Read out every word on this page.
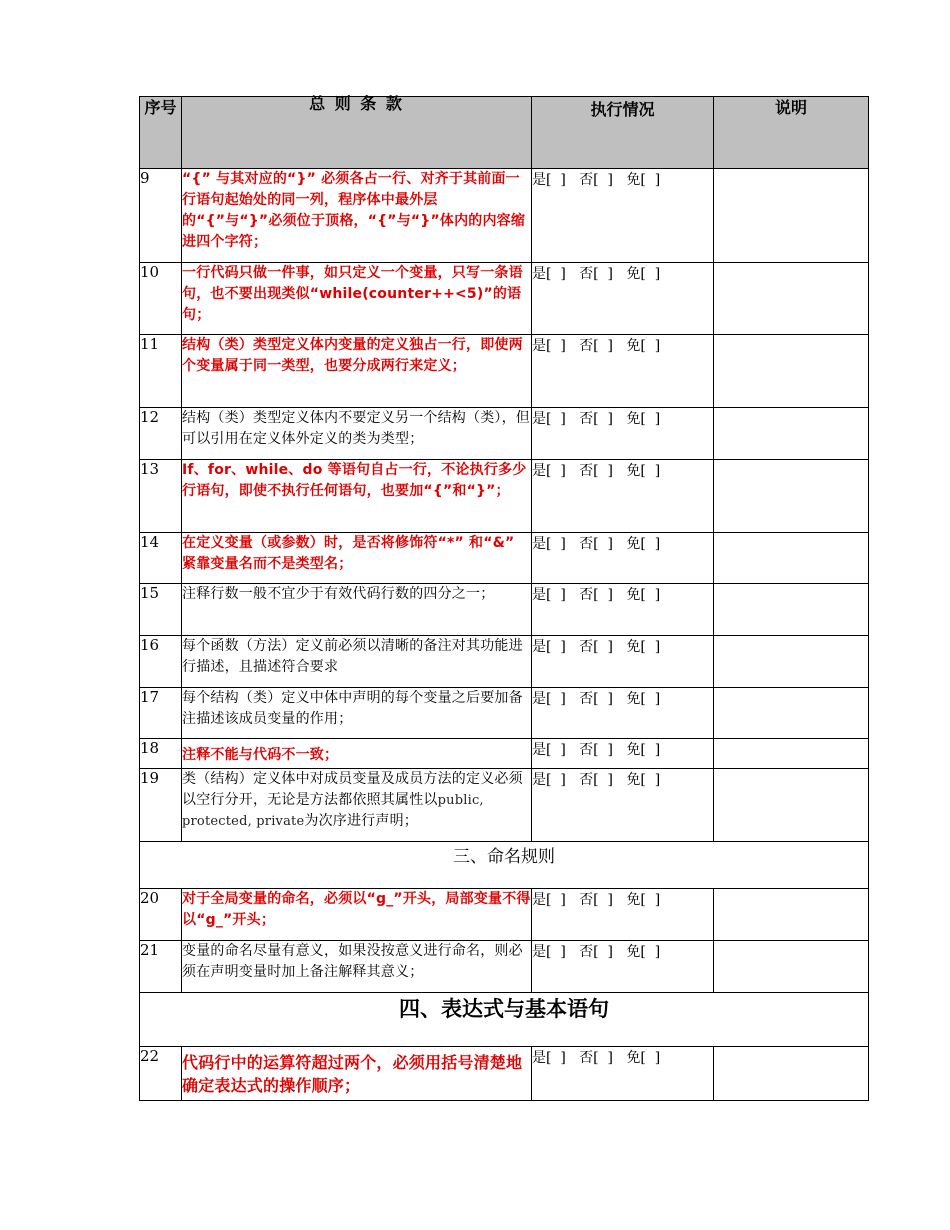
序号	总 则 条 款	执行情况	说明
9	“{” 与其对应的“}” 必须各占一行、对齐于其前面一行语句起始处的同一列，程序体中最外层的“{”与“}”必须位于顶格，“{”与“}”体内的内容缩进四个字符；	是[  ]   否[  ]   免[  ]	
10	一行代码只做一件事，如只定义一个变量，只写一条语句，也不要出现类似“while(counter++<5)”的语句；	是[  ]   否[  ]   免[  ]	
11	结构（类）类型定义体内变量的定义独占一行，即使两个变量属于同一类型，也要分成两行来定义；	是[  ]   否[  ]   免[  ]	
12	结构（类）类型定义体内不要定义另一个结构（类），但可以引用在定义体外定义的类为类型；	是[  ]   否[  ]   免[  ]	
13	If、for、while、do 等语句自占一行，不论执行多少行语句，即使不执行任何语句，也要加“{”和“}”；	是[  ]   否[  ]   免[  ]	
14	在定义变量（或参数）时，是否将修饰符“*” 和“&” 紧靠变量名而不是类型名；	是[  ]   否[  ]   免[  ]	
15	注释行数一般不宜少于有效代码行数的四分之一；	是[  ]   否[  ]   免[  ]	
16	每个函数（方法）定义前必须以清晰的备注对其功能进行描述，且描述符合要求	是[  ]   否[  ]   免[  ]	
17	每个结构（类）定义中体中声明的每个变量之后要加备注描述该成员变量的作用；	是[  ]   否[  ]   免[  ]	
18	注释不能与代码不一致；	是[  ]   否[  ]   免[  ]	
19	类（结构）定义体中对成员变量及成员方法的定义必须以空行分开，无论是方法都依照其属性以public, protected, private为次序进行声明；	是[  ]   否[  ]   免[  ]	
三、命名规则			
20	对于全局变量的命名，必须以“g_”开头，局部变量不得以“g_”开头；	是[  ]   否[  ]   免[  ]	
21	变量的命名尽量有意义，如果没按意义进行命名，则必须在声明变量时加上备注解释其意义；	是[  ]   否[  ]   免[  ]	
四、表达式与基本语句			
22	代码行中的运算符超过两个，必须用括号清楚地确定表达式的操作顺序；	是[  ]   否[  ]   免[  ]	
